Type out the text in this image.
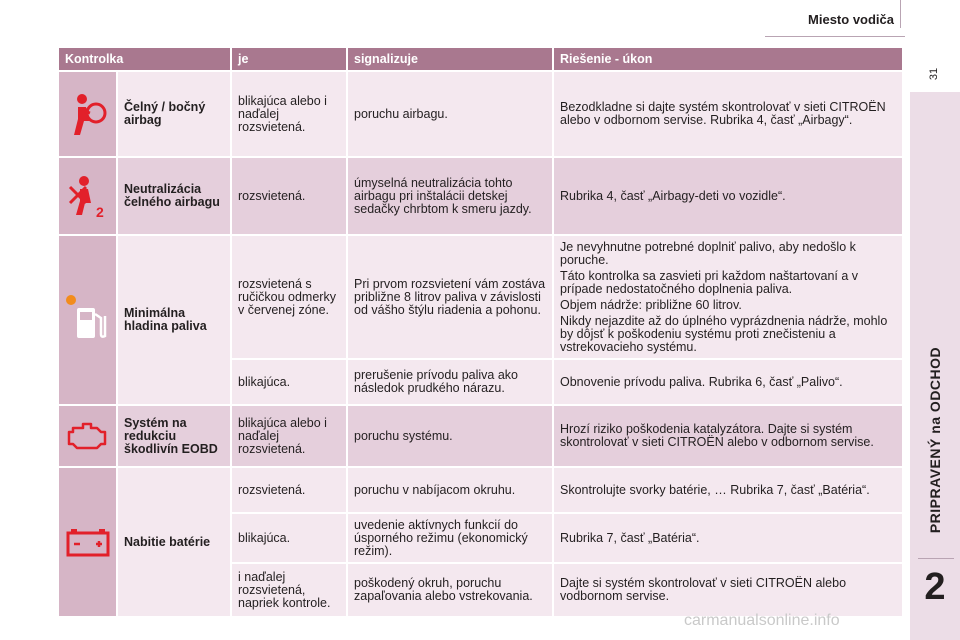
Miesto vodiča
31
PRIPRAVENÝ na ODCHOD
2
Kontrolka		je	signalizuje	Riešenie - úkon

	Čelný / bočný airbag	blikajúca alebo i naďalej rozsvietená.	poruchu airbagu.	Bezodkladne si dajte systém skontrolovať v sieti CITROËN alebo v odbornom servise. Rubrika 4, časť „Airbagy“.

2	Neutralizácia čelného airbagu	rozsvietená.	úmyselná neutralizácia tohto airbagu pri inštalácii detskej sedačky chrbtom k smeru jazdy.	Rubrika 4, časť „Airbagy-deti vo vozidle“.

	Minimálna hladina paliva	rozsvietená s ručičkou odmerky v červenej zóne.	Pri prvom rozsvietení vám zostáva približne 8 litrov paliva v závislosti od vášho štýlu riadenia a pohonu.	Je nevyhnutne potrebné doplniť palivo, aby nedošlo k poruche.

Táto kontrolka sa zasvieti pri každom naštartovaní a v prípade nedostatočného doplnenia paliva.

Objem nádrže: približne 60 litrov.

Nikdy nejazdite až do úplného vyprázdnenia nádrže, mohlo by dôjsť k poškodeniu systému proti znečisteniu a vstrekovacieho systému.

		blikajúca.	prerušenie prívodu paliva ako následok prudkého nárazu.	Obnovenie prívodu paliva. Rubrika 6, časť „Palivo“.

	Systém na redukciu škodlivín EOBD	blikajúca alebo i naďalej rozsvietená.	poruchu systému.	Hrozí riziko poškodenia katalyzátora. Dajte si systém skontrolovať v sieti CITROËN alebo v odbornom servise.

	Nabitie batérie	rozsvietená.	poruchu v nabíjacom okruhu.	Skontrolujte svorky batérie, … Rubrika 7, časť „Batéria“.
		blikajúca.	uvedenie aktívnych funkcií do úsporného režimu (ekonomický režim).	Rubrika 7, časť „Batéria“.
		i naďalej rozsvietená, napriek kontrole.	poškodený okruh, poruchu zapaľovania alebo vstrekovania.	Dajte si systém skontrolovať v sieti CITROËN alebo vodbornom servise.
carmanualsonline.info
